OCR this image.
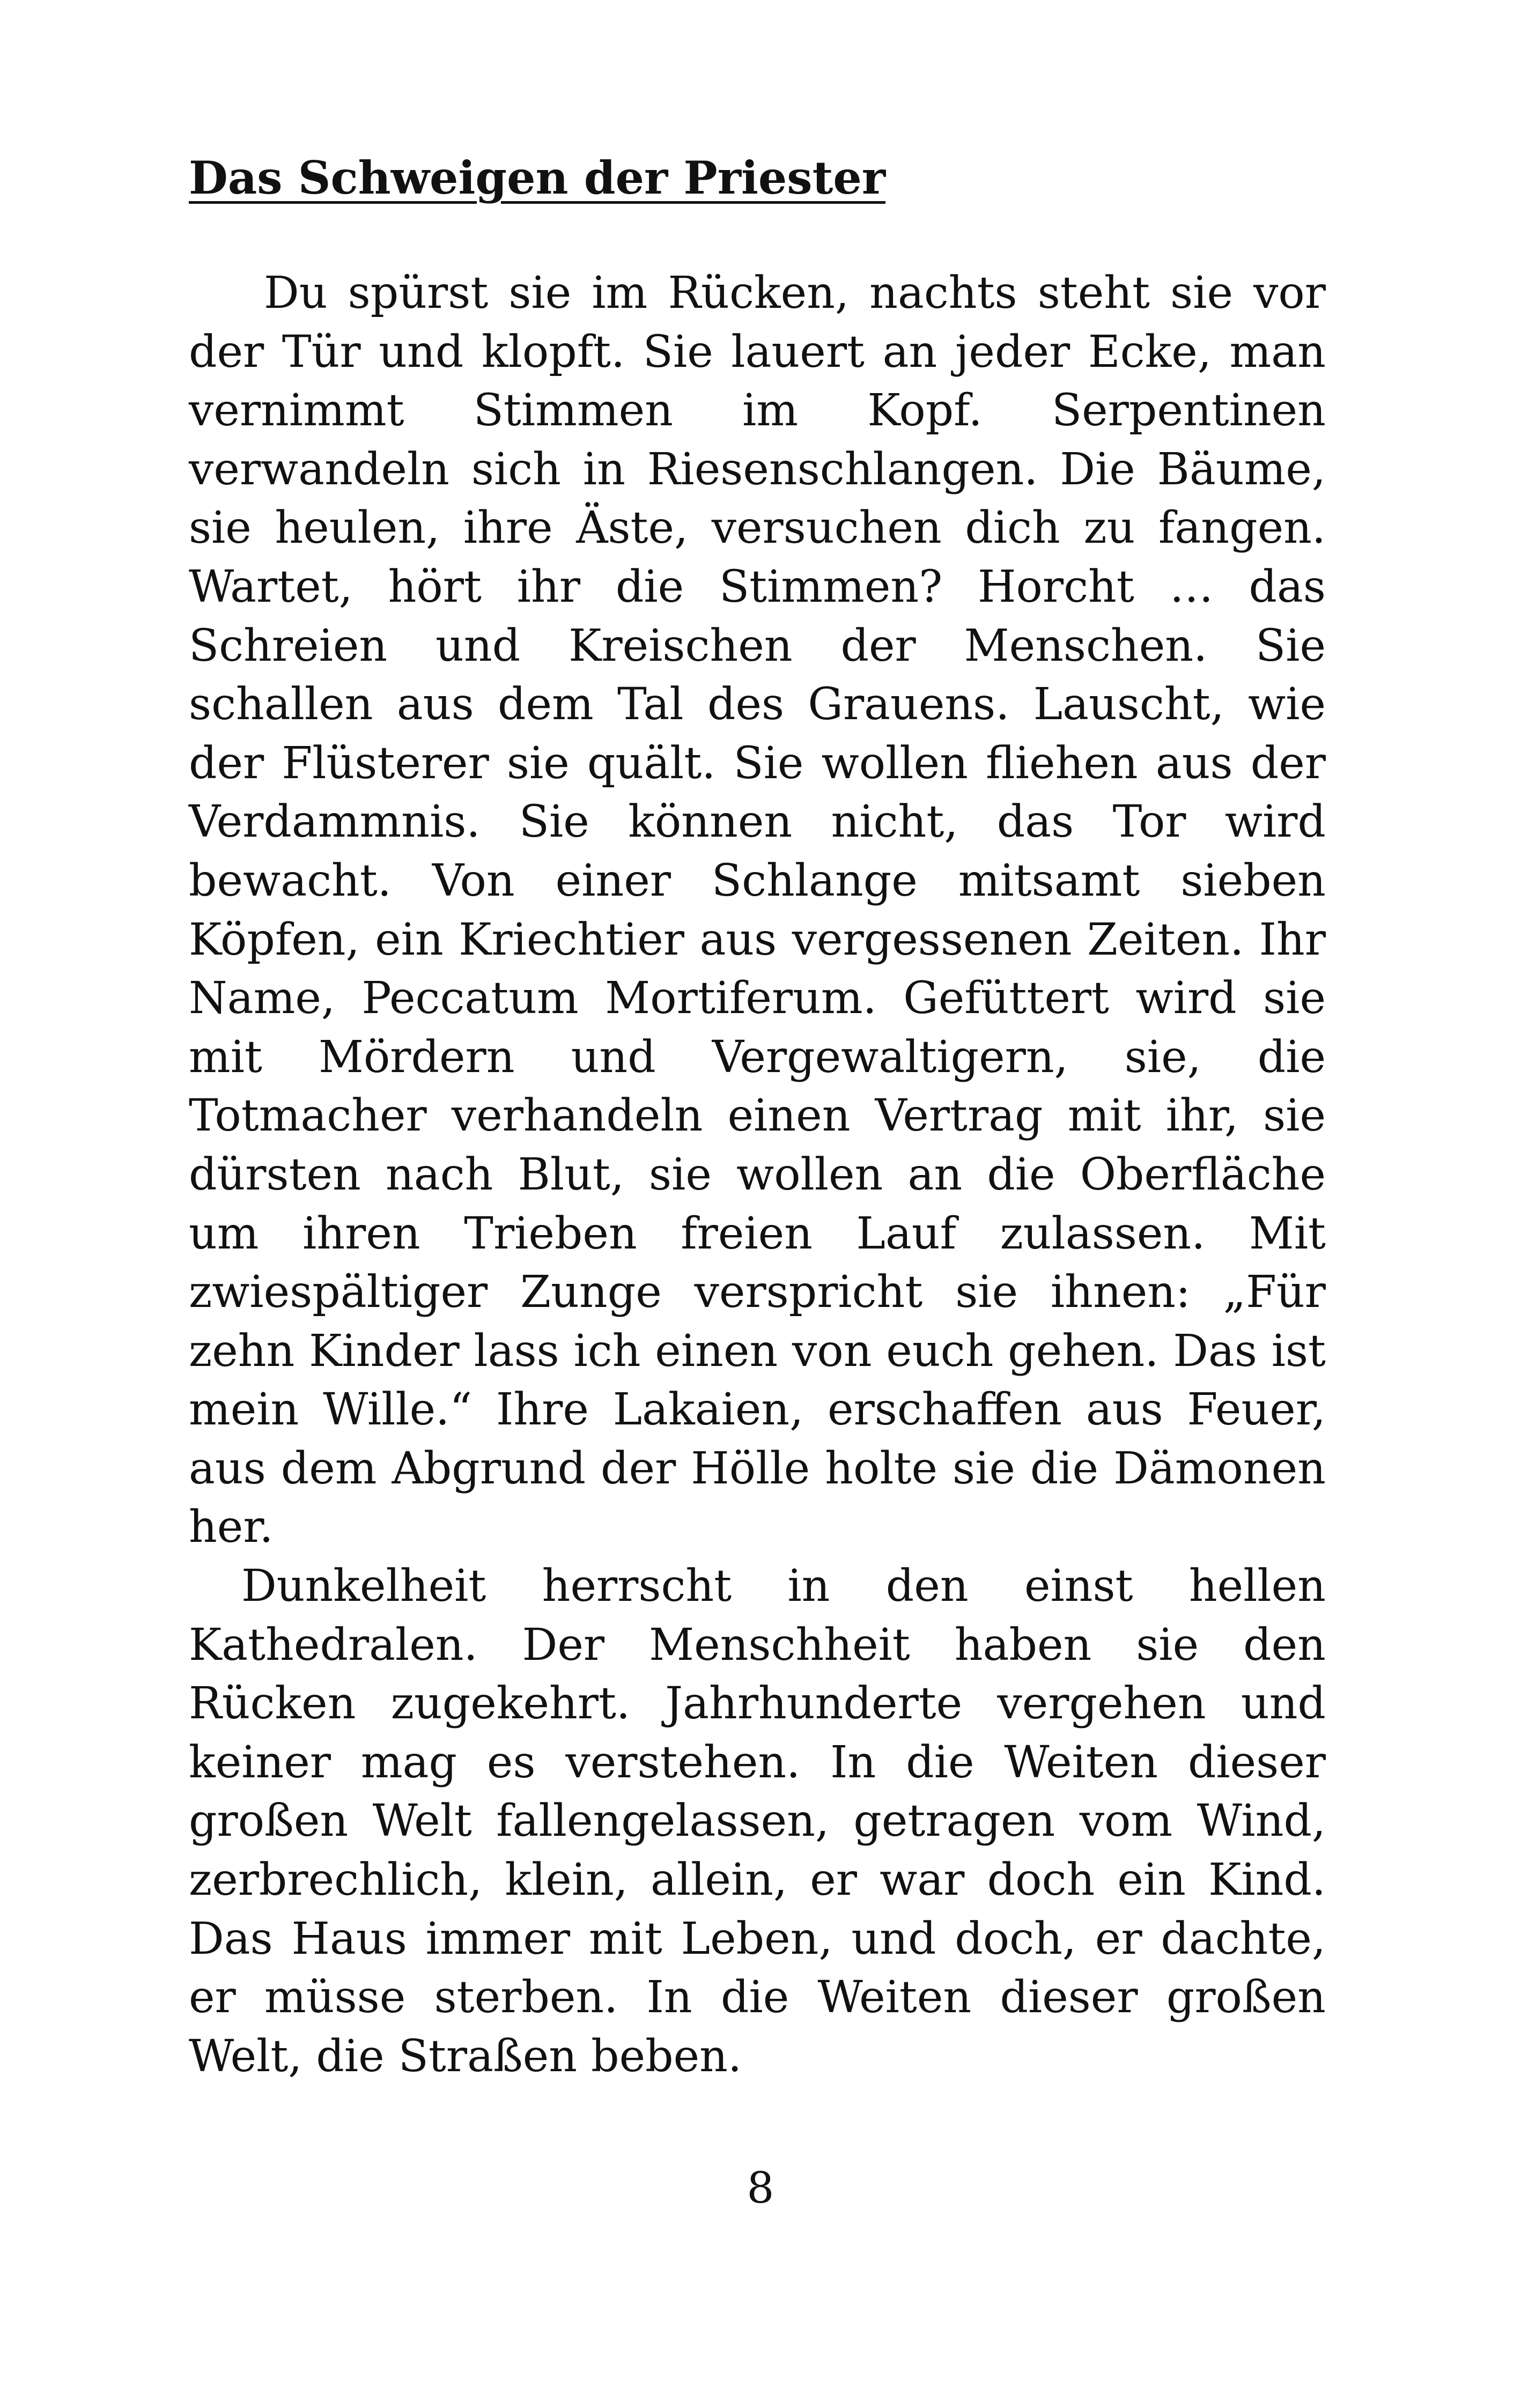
Das Schweigen der Priester

Du spürst sie im Rücken, nachts steht sie vor der Tür und klopft. Sie lauert an jeder Ecke, man vernimmt Stimmen im Kopf. Serpentinen verwandeln sich in Riesenschlangen. Die Bäume, sie heulen, ihre Äste, versuchen dich zu fangen. Wartet, hört ihr die Stimmen? Horcht … das Schreien und Kreischen der Menschen. Sie schallen aus dem Tal des Grauens. Lauscht, wie der Flüsterer sie quält. Sie wollen fliehen aus der Verdammnis. Sie können nicht, das Tor wird bewacht. Von einer Schlange mitsamt sieben Köpfen, ein Kriechtier aus vergessenen Zeiten. Ihr Name, Peccatum Mortiferum. Gefüttert wird sie mit Mördern und Vergewaltigern, sie, die Totmacher verhandeln einen Vertrag mit ihr, sie dürsten nach Blut, sie wollen an die Oberfläche um ihren Trieben freien Lauf zulassen. Mit zwiespältiger Zunge verspricht sie ihnen: „Für zehn Kinder lass ich einen von euch gehen. Das ist mein Wille.“ Ihre Lakaien, erschaffen aus Feuer, aus dem Abgrund der Hölle holte sie die Dämonen her.

Dunkelheit herrscht in den einst hellen Kathedralen. Der Menschheit haben sie den Rücken zugekehrt. Jahrhunderte vergehen und keiner mag es verstehen. In die Weiten dieser großen Welt fallengelassen, getragen vom Wind, zerbrechlich, klein, allein, er war doch ein Kind. Das Haus immer mit Leben, und doch, er dachte, er müsse sterben. In die Weiten dieser großen Welt, die Straßen beben.

8
